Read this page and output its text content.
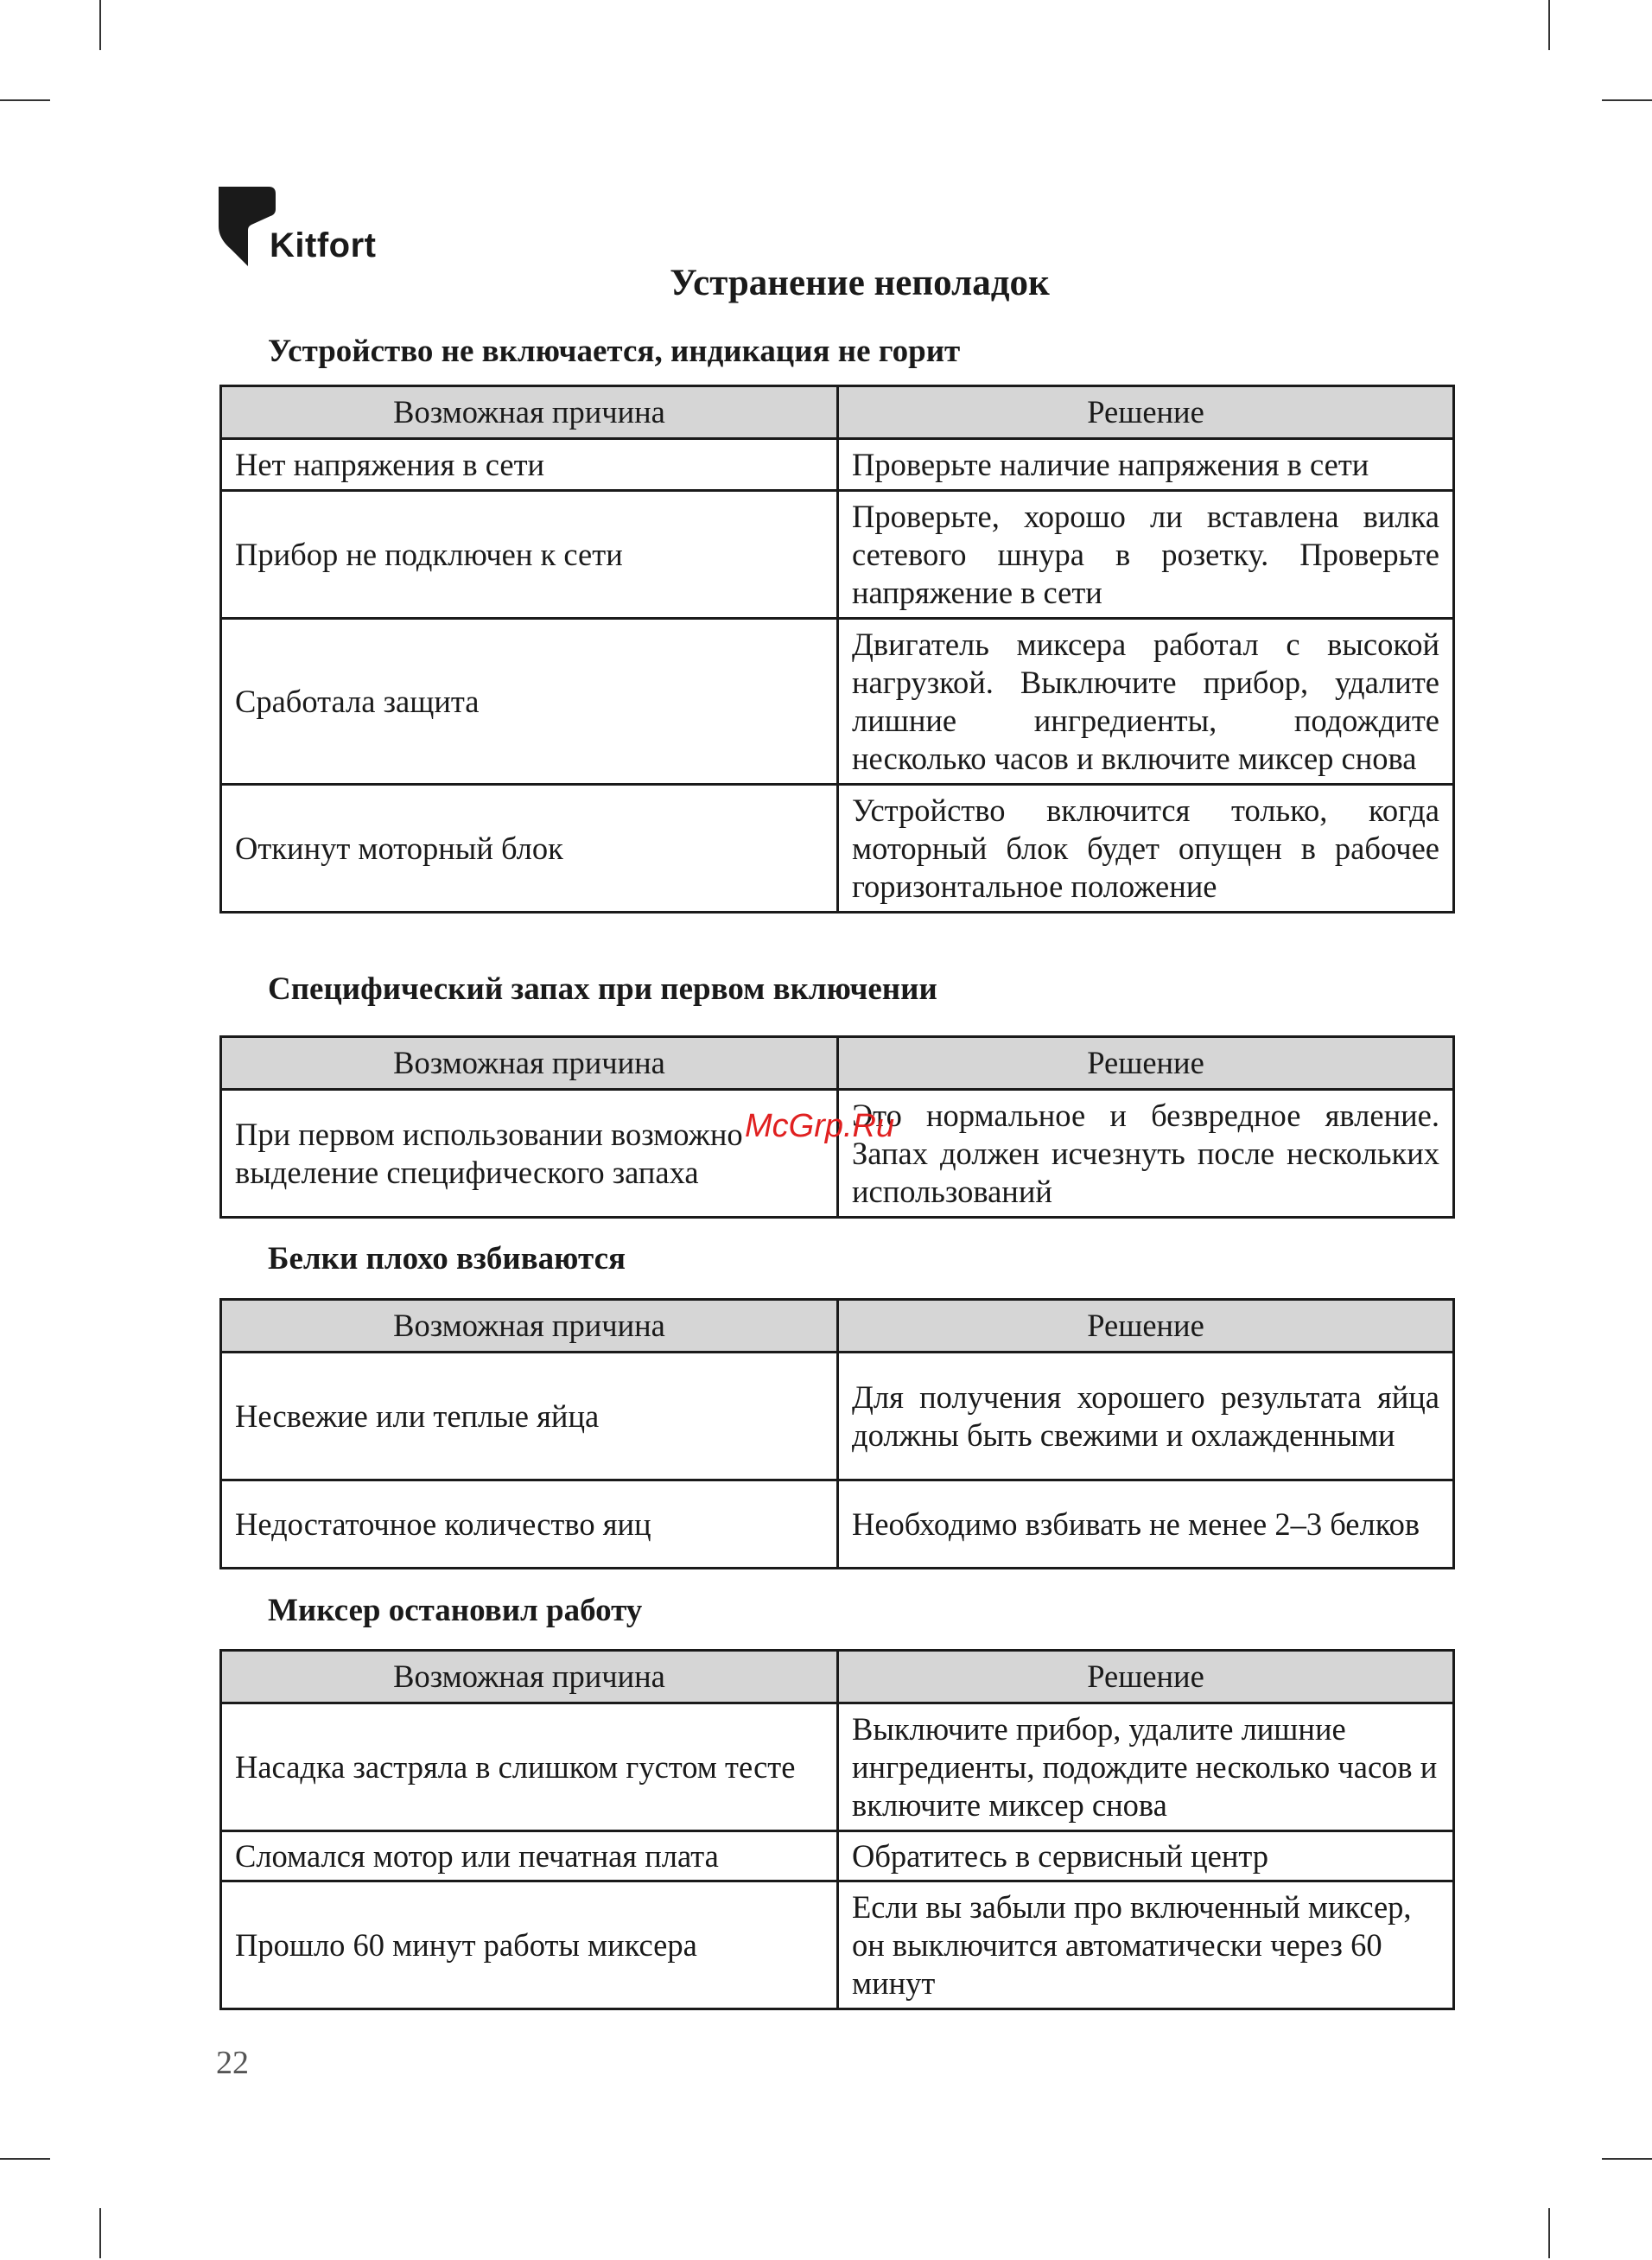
Kitfort
Устранение неполадок
Устройство не включается, индикация не горит
Возможная причина	Решение
Нет напряжения в сети	Проверьте наличие напряжения в сети
Прибор не подключен к сети	Проверьте, хорошо ли вставлена вилка сетевого шнура в розетку. Проверьте напряжение в сети
Сработала защита	Двигатель миксера работал с высокой нагрузкой. Выключите прибор, удалите лишние ингредиенты, подождите несколько часов и включите миксер снова
Откинут моторный блок	Устройство включится только, когда моторный блок будет опущен в рабочее горизонтальное положение
Специфический запах при первом включении
Возможная причина	Решение
При первом использовании возможно выделение специфического запаха	Это нормальное и безвредное явление. Запах должен исчезнуть после нескольких использований
McGrp.Ru
Белки плохо взбиваются
Возможная причина	Решение
Несвежие или теплые яйца	Для получения хорошего результата яйца должны быть свежими и охлажденными
Недостаточное количество яиц	Необходимо взбивать не менее 2–3 белков
Миксер остановил работу
Возможная причина	Решение
Насадка застряла в слишком густом тесте	Выключите прибор, удалите лишние ингредиенты, подождите несколько часов и включите миксер снова
Сломался мотор или печатная плата	Обратитесь в сервисный центр
Прошло 60 минут работы миксера	Если вы забыли про включенный миксер, он выключится автоматически через 60 минут
22
